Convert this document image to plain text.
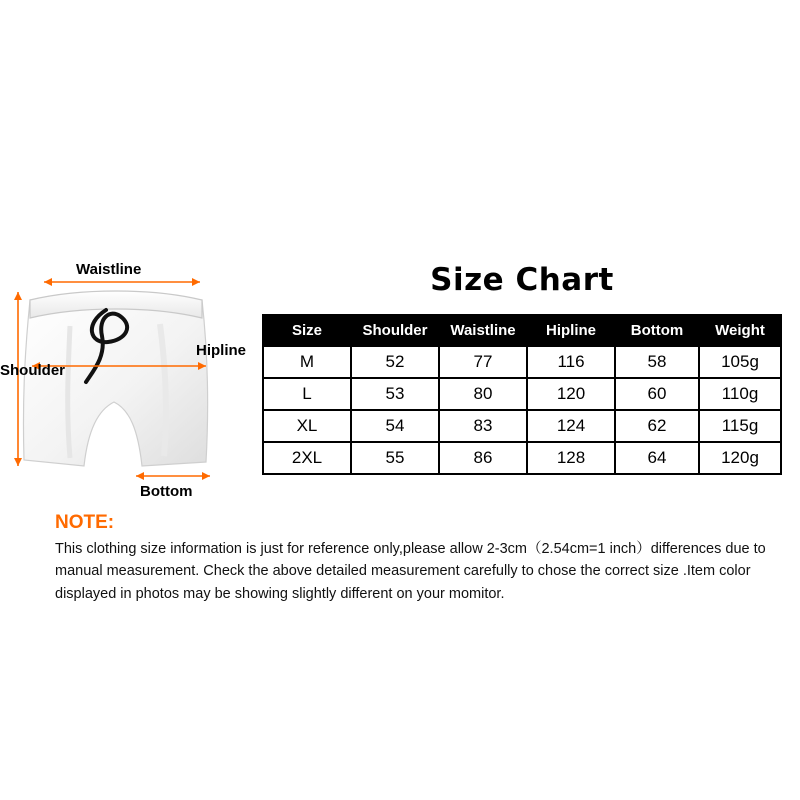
Waistline
Hipline
Shoulder
Bottom
Size Chart
Size	Shoulder	Waistline	Hipline	Bottom	Weight
M	52	77	116	58	105g
L	53	80	120	60	110g
XL	54	83	124	62	115g
2XL	55	86	128	64	120g

NOTE:

This clothing size information is just for reference only,please allow 2-3cm（2.54cm=1 inch）differences due to manual measurement. Check the above detailed measurement carefully to chose the correct size .Item color displayed in photos may be showing slightly different on your momitor.
